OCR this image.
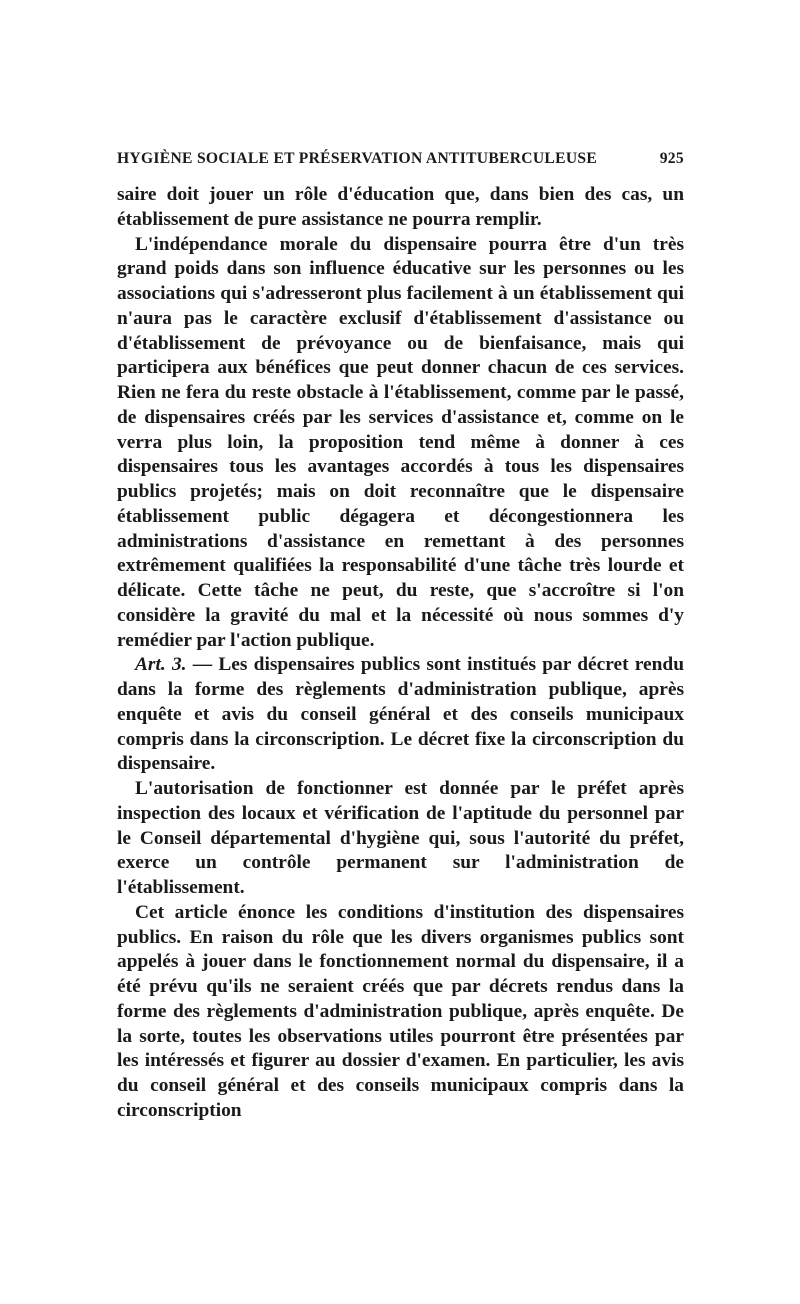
HYGIÈNE SOCIALE ET PRÉSERVATION ANTITUBERCULEUSE	925

saire doit jouer un rôle d'éducation que, dans bien des cas, un établissement de pure assistance ne pourra remplir.

L'indépendance morale du dispensaire pourra être d'un très grand poids dans son influence éducative sur les personnes ou les associations qui s'adresseront plus facilement à un établissement qui n'aura pas le caractère exclusif d'établissement d'assistance ou d'établissement de prévoyance ou de bienfaisance, mais qui participera aux bénéfices que peut donner chacun de ces services. Rien ne fera du reste obstacle à l'établissement, comme par le passé, de dispensaires créés par les services d'assistance et, comme on le verra plus loin, la proposition tend même à donner à ces dispensaires tous les avantages accordés à tous les dispensaires publics projetés; mais on doit reconnaître que le dispensaire établissement public dégagera et décongestionnera les administrations d'assistance en remettant à des personnes extrêmement qualifiées la responsabilité d'une tâche très lourde et délicate. Cette tâche ne peut, du reste, que s'accroître si l'on considère la gravité du mal et la nécessité où nous sommes d'y remédier par l'action publique.

Art. 3. — Les dispensaires publics sont institués par décret rendu dans la forme des règlements d'administration publique, après enquête et avis du conseil général et des conseils municipaux compris dans la circonscription. Le décret fixe la circonscription du dispensaire.

L'autorisation de fonctionner est donnée par le préfet après inspection des locaux et vérification de l'aptitude du personnel par le Conseil départemental d'hygiène qui, sous l'autorité du préfet, exerce un contrôle permanent sur l'administration de l'établissement.

Cet article énonce les conditions d'institution des dispensaires publics. En raison du rôle que les divers organismes publics sont appelés à jouer dans le fonctionnement normal du dispensaire, il a été prévu qu'ils ne seraient créés que par décrets rendus dans la forme des règlements d'administration publique, après enquête. De la sorte, toutes les observations utiles pourront être présentées par les intéressés et figurer au dossier d'examen. En particulier, les avis du conseil général et des conseils municipaux compris dans la circonscription
